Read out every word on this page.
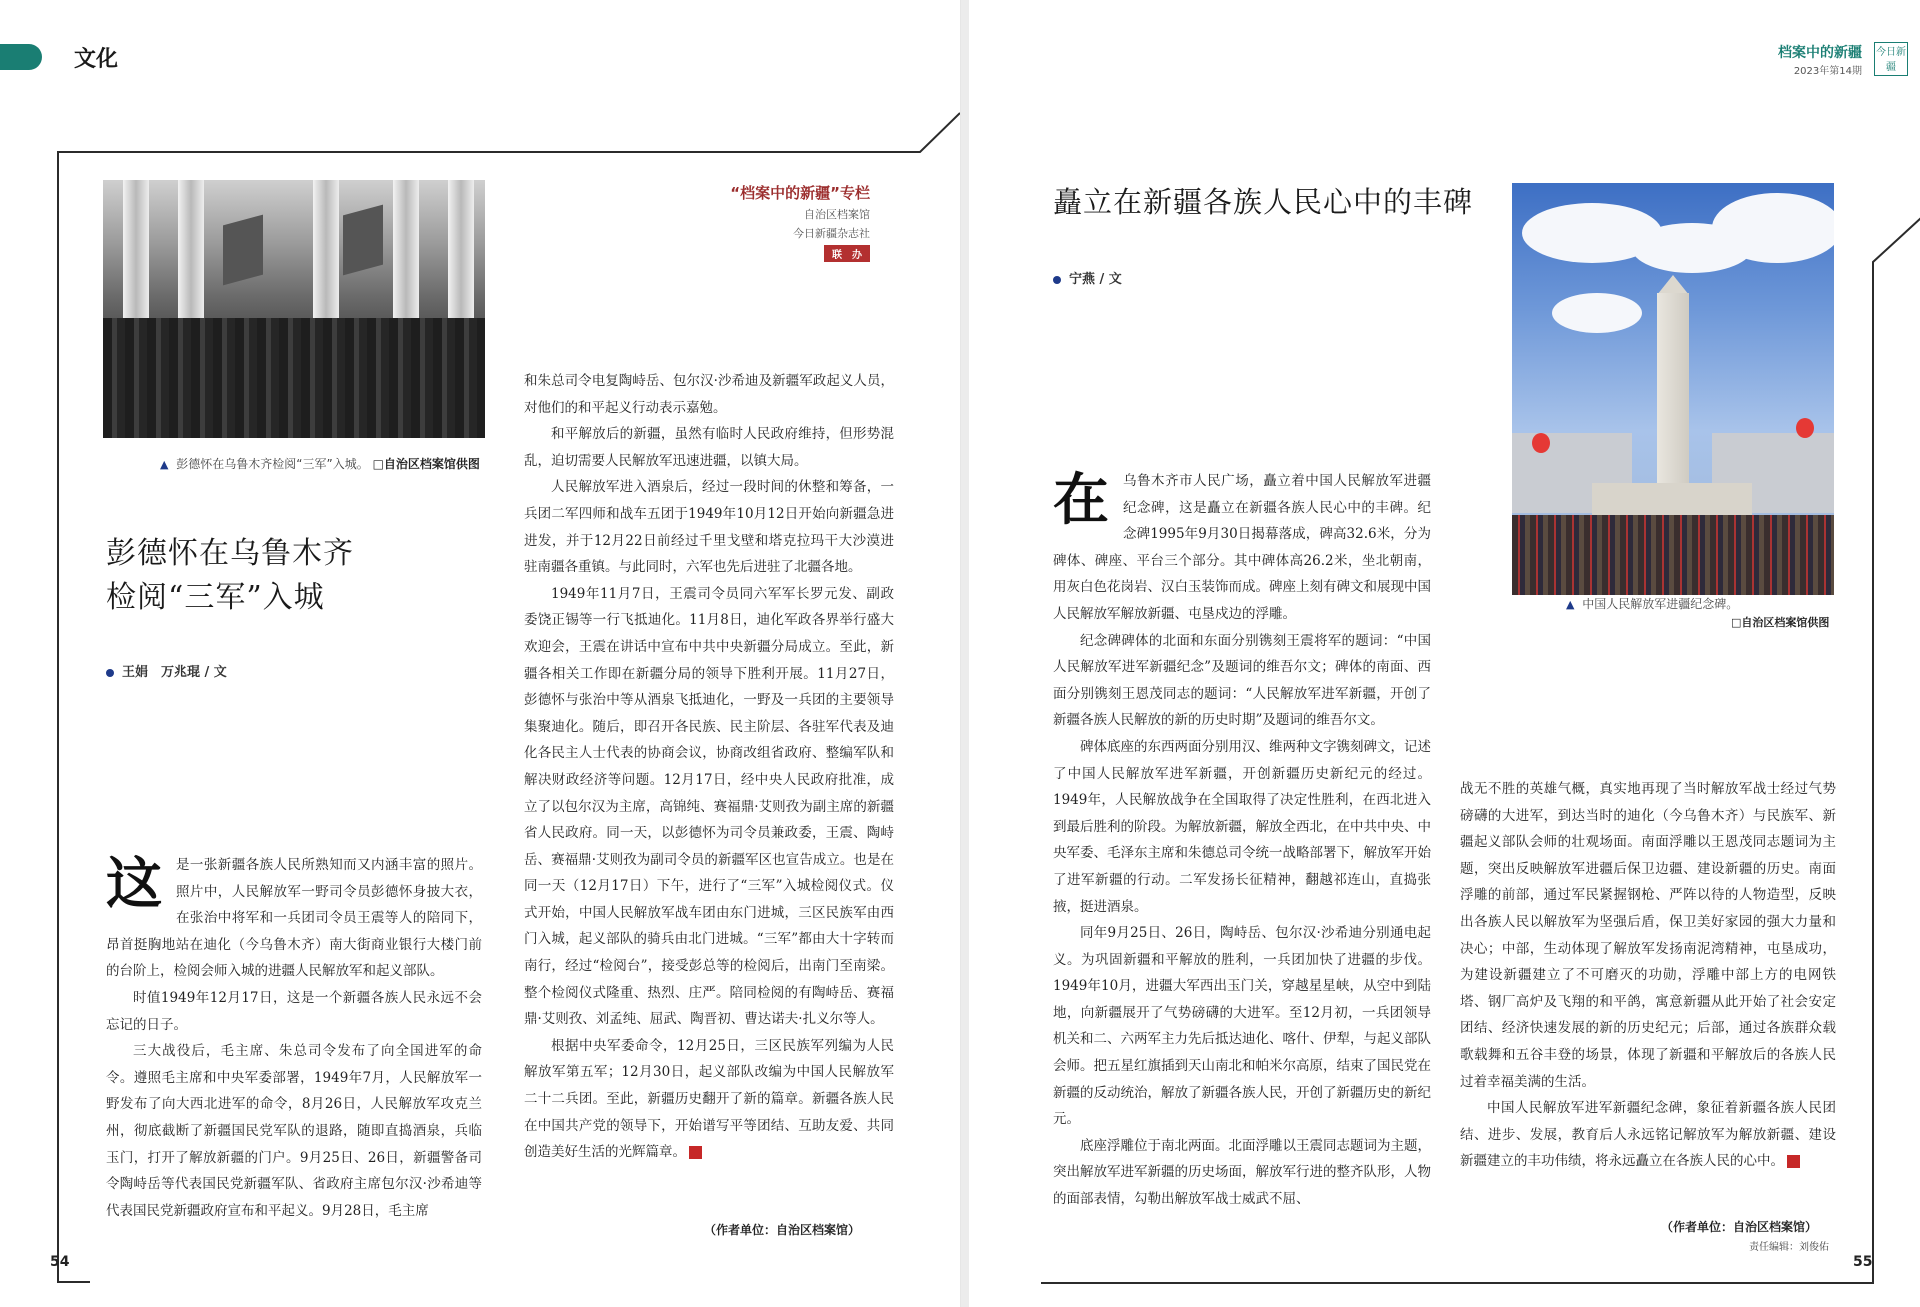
文化
▲ 彭德怀在乌鲁木齐检阅“三军”入城。 □自治区档案馆供图
“档案中的新疆”专栏
自治区档案馆
今日新疆杂志社
联　办
彭德怀在乌鲁木齐
检阅“三军”入城
王娟　万兆琨 / 文

这 是一张新疆各族人民所熟知而又内涵丰富的照片。照片中，人民解放军一野司令员彭德怀身披大衣，在张治中将军和一兵团司令员王震等人的陪同下，昂首挺胸地站在迪化（今乌鲁木齐）南大街商业银行大楼门前的台阶上，检阅会师入城的进疆人民解放军和起义部队。

时值1949年12月17日，这是一个新疆各族人民永远不会忘记的日子。

三大战役后，毛主席、朱总司令发布了向全国进军的命令。遵照毛主席和中央军委部署，1949年7月，人民解放军一野发布了向大西北进军的命令，8月26日，人民解放军攻克兰州，彻底截断了新疆国民党军队的退路，随即直捣酒泉，兵临玉门，打开了解放新疆的门户。9月25日、26日，新疆警备司令陶峙岳等代表国民党新疆军队、省政府主席包尔汉·沙希迪等代表国民党新疆政府宣布和平起义。9月28日，毛主席

和朱总司令电复陶峙岳、包尔汉·沙希迪及新疆军政起义人员，对他们的和平起义行动表示嘉勉。

和平解放后的新疆，虽然有临时人民政府维持，但形势混乱，迫切需要人民解放军迅速进疆，以镇大局。

人民解放军进入酒泉后，经过一段时间的休整和筹备，一兵团二军四师和战车五团于1949年10月12日开始向新疆急进进发，并于12月22日前经过千里戈壁和塔克拉玛干大沙漠进驻南疆各重镇。与此同时，六军也先后进驻了北疆各地。

1949年11月7日，王震司令员同六军军长罗元发、副政委饶正锡等一行飞抵迪化。11月8日，迪化军政各界举行盛大欢迎会，王震在讲话中宣布中共中央新疆分局成立。至此，新疆各相关工作即在新疆分局的领导下胜利开展。11月27日，彭德怀与张治中等从酒泉飞抵迪化，一野及一兵团的主要领导集聚迪化。随后，即召开各民族、民主阶层、各驻军代表及迪化各民主人士代表的协商会议，协商改组省政府、整编军队和解决财政经济等问题。12月17日，经中央人民政府批准，成立了以包尔汉为主席，高锦纯、赛福鼎·艾则孜为副主席的新疆省人民政府。同一天，以彭德怀为司令员兼政委，王震、陶峙岳、赛福鼎·艾则孜为副司令员的新疆军区也宣告成立。也是在同一天（12月17日）下午，进行了“三军”入城检阅仪式。仪式开始，中国人民解放军战车团由东门进城，三区民族军由西门入城，起义部队的骑兵由北门进城。“三军”都由大十字转而南行，经过“检阅台”，接受彭总等的检阅后，出南门至南梁。整个检阅仪式隆重、热烈、庄严。陪同检阅的有陶峙岳、赛福鼎·艾则孜、刘孟纯、屈武、陶晋初、曹达诺夫·扎义尔等人。

根据中央军委命令，12月25日，三区民族军列编为人民解放军第五军；12月30日，起义部队改编为中国人民解放军二十二兵团。至此，新疆历史翻开了新的篇章。新疆各族人民在中国共产党的领导下，开始谱写平等团结、互助友爱、共同创造美好生活的光辉篇章。	J

（作者单位：自治区档案馆）
54
档案中的新疆
2023年第14期
今日新疆
矗立在新疆各族人民心中的丰碑
宁燕 / 文
▲ 中国人民解放军进疆纪念碑。
□自治区档案馆供图

在 乌鲁木齐市人民广场，矗立着中国人民解放军进疆纪念碑，这是矗立在新疆各族人民心中的丰碑。纪念碑1995年9月30日揭幕落成，碑高32.6米，分为碑体、碑座、平台三个部分。其中碑体高26.2米，坐北朝南，用灰白色花岗岩、汉白玉装饰而成。碑座上刻有碑文和展现中国人民解放军解放新疆、屯垦戍边的浮雕。

纪念碑碑体的北面和东面分别镌刻王震将军的题词：“中国人民解放军进军新疆纪念”及题词的维吾尔文；碑体的南面、西面分别镌刻王恩茂同志的题词：“人民解放军进军新疆，开创了新疆各族人民解放的新的历史时期”及题词的维吾尔文。

碑体底座的东西两面分别用汉、维两种文字镌刻碑文，记述了中国人民解放军进军新疆，开创新疆历史新纪元的经过。1949年，人民解放战争在全国取得了决定性胜利，在西北进入到最后胜利的阶段。为解放新疆，解放全西北，在中共中央、中央军委、毛泽东主席和朱德总司令统一战略部署下，解放军开始了进军新疆的行动。二军发扬长征精神，翻越祁连山，直捣张掖，挺进酒泉。

同年9月25日、26日，陶峙岳、包尔汉·沙希迪分别通电起义。为巩固新疆和平解放的胜利，一兵团加快了进疆的步伐。1949年10月，进疆大军西出玉门关，穿越星星峡，从空中到陆地，向新疆展开了气势磅礴的大进军。至12月初，一兵团领导机关和二、六两军主力先后抵达迪化、喀什、伊犁，与起义部队会师。把五星红旗插到天山南北和帕米尔高原，结束了国民党在新疆的反动统治，解放了新疆各族人民，开创了新疆历史的新纪元。

底座浮雕位于南北两面。北面浮雕以王震同志题词为主题，突出解放军进军新疆的历史场面，解放军行进的整齐队形，人物的面部表情，勾勒出解放军战士威武不屈、

战无不胜的英雄气概，真实地再现了当时解放军战士经过气势磅礴的大进军，到达当时的迪化（今乌鲁木齐）与民族军、新疆起义部队会师的壮观场面。南面浮雕以王恩茂同志题词为主题，突出反映解放军进疆后保卫边疆、建设新疆的历史。南面浮雕的前部，通过军民紧握钢枪、严阵以待的人物造型，反映出各族人民以解放军为坚强后盾，保卫美好家园的强大力量和决心；中部，生动体现了解放军发扬南泥湾精神，屯垦成功，为建设新疆建立了不可磨灭的功勋，浮雕中部上方的电网铁塔、钢厂高炉及飞翔的和平鸽，寓意新疆从此开始了社会安定团结、经济快速发展的新的历史纪元；后部，通过各族群众载歌载舞和五谷丰登的场景，体现了新疆和平解放后的各族人民过着幸福美满的生活。

中国人民解放军进军新疆纪念碑，象征着新疆各族人民团结、进步、发展，教育后人永远铭记解放军为解放新疆、建设新疆建立的丰功伟绩，将永远矗立在各族人民的心中。	J

（作者单位：自治区档案馆）
责任编辑：刘俊佑
55
